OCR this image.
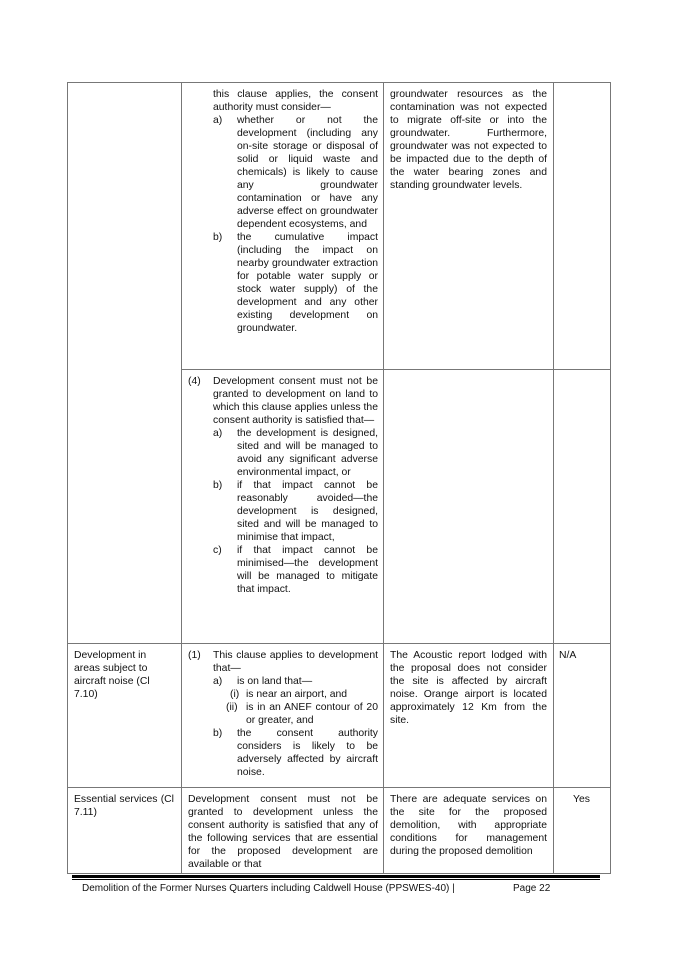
this clause applies, the consent authority must consider—
a) whether or not the development (including any on-site storage or disposal of solid or liquid waste and chemicals) is likely to cause any groundwater contamination or have any adverse effect on groundwater dependent ecosystems, and
b) the cumulative impact (including the impact on nearby groundwater extraction for potable water supply or stock water supply) of the development and any other existing development on groundwater.
groundwater resources as the contamination was not expected to migrate off-site or into the groundwater. Furthermore, groundwater was not expected to be impacted due to the depth of the water bearing zones and standing groundwater levels.
(4) Development consent must not be granted to development on land to which this clause applies unless the consent authority is satisfied that—
a) the development is designed, sited and will be managed to avoid any significant adverse environmental impact, or
b) if that impact cannot be reasonably avoided—the development is designed, sited and will be managed to minimise that impact,
c) if that impact cannot be minimised—the development will be managed to mitigate that impact.
Development in areas subject to aircraft noise (Cl 7.10)
(1) This clause applies to development that—
a) is on land that—
(i) is near an airport, and
(ii) is in an ANEF contour of 20 or greater, and
b) the consent authority considers is likely to be adversely affected by aircraft noise.
The Acoustic report lodged with the proposal does not consider the site is affected by aircraft noise. Orange airport is located approximately 12 Km from the site.
N/A
Essential services (Cl 7.11)
Development consent must not be granted to development unless the consent authority is satisfied that any of the following services that are essential for the proposed development are available or that
There are adequate services on the site for the proposed demolition, with appropriate conditions for management during the proposed demolition
Yes
Demolition of the Former Nurses Quarters including Caldwell House (PPSWES-40) |	Page 22
